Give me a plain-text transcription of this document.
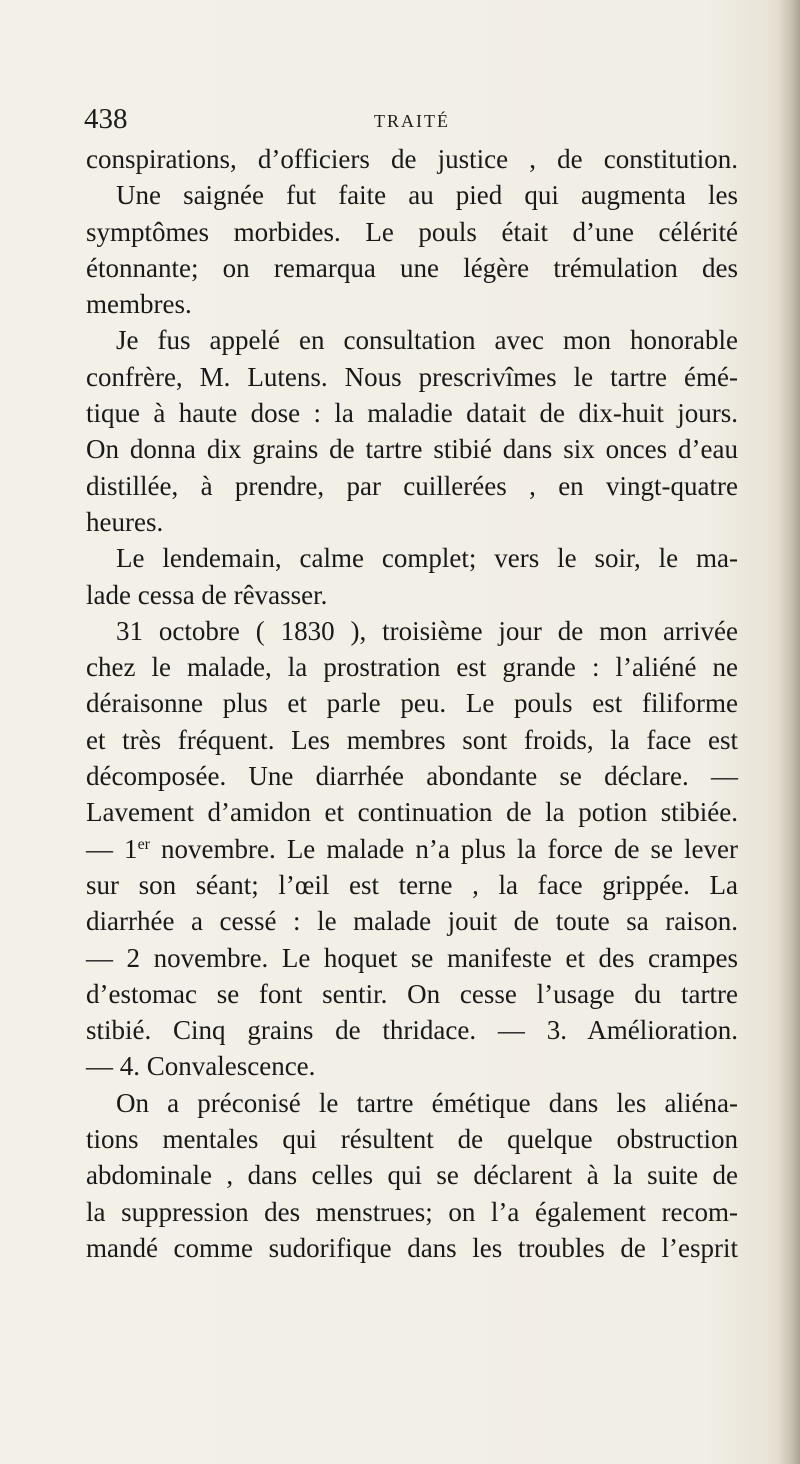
438	TRAITÉ
conspirations, d’officiers de justice , de constitution.
Une saignée fut faite au pied qui augmenta les
symptômes morbides. Le pouls était d’une célérité
étonnante; on remarqua une légère trémulation des
membres.
Je fus appelé en consultation avec mon honorable
confrère, M. Lutens. Nous prescrivîmes le tartre émé-
tique à haute dose : la maladie datait de dix-huit jours.
On donna dix grains de tartre stibié dans six onces d’eau
distillée, à prendre, par cuillerées , en vingt-quatre
heures.
Le lendemain, calme complet; vers le soir, le ma-
lade cessa de rêvasser.
31 octobre ( 1830 ), troisième jour de mon arrivée
chez le malade, la prostration est grande : l’aliéné ne
déraisonne plus et parle peu. Le pouls est filiforme
et très fréquent. Les membres sont froids, la face est
décomposée. Une diarrhée abondante se déclare. —
Lavement d’amidon et continuation de la potion stibiée.
— 1er novembre. Le malade n’a plus la force de se lever
sur son séant; l’œil est terne , la face grippée. La
diarrhée a cessé : le malade jouit de toute sa raison.
— 2 novembre. Le hoquet se manifeste et des crampes
d’estomac se font sentir. On cesse l’usage du tartre
stibié. Cinq grains de thridace. — 3. Amélioration.
— 4. Convalescence.
On a préconisé le tartre émétique dans les aliéna-
tions mentales qui résultent de quelque obstruction
abdominale , dans celles qui se déclarent à la suite de
la suppression des menstrues; on l’a également recom-
mandé comme sudorifique dans les troubles de l’esprit
